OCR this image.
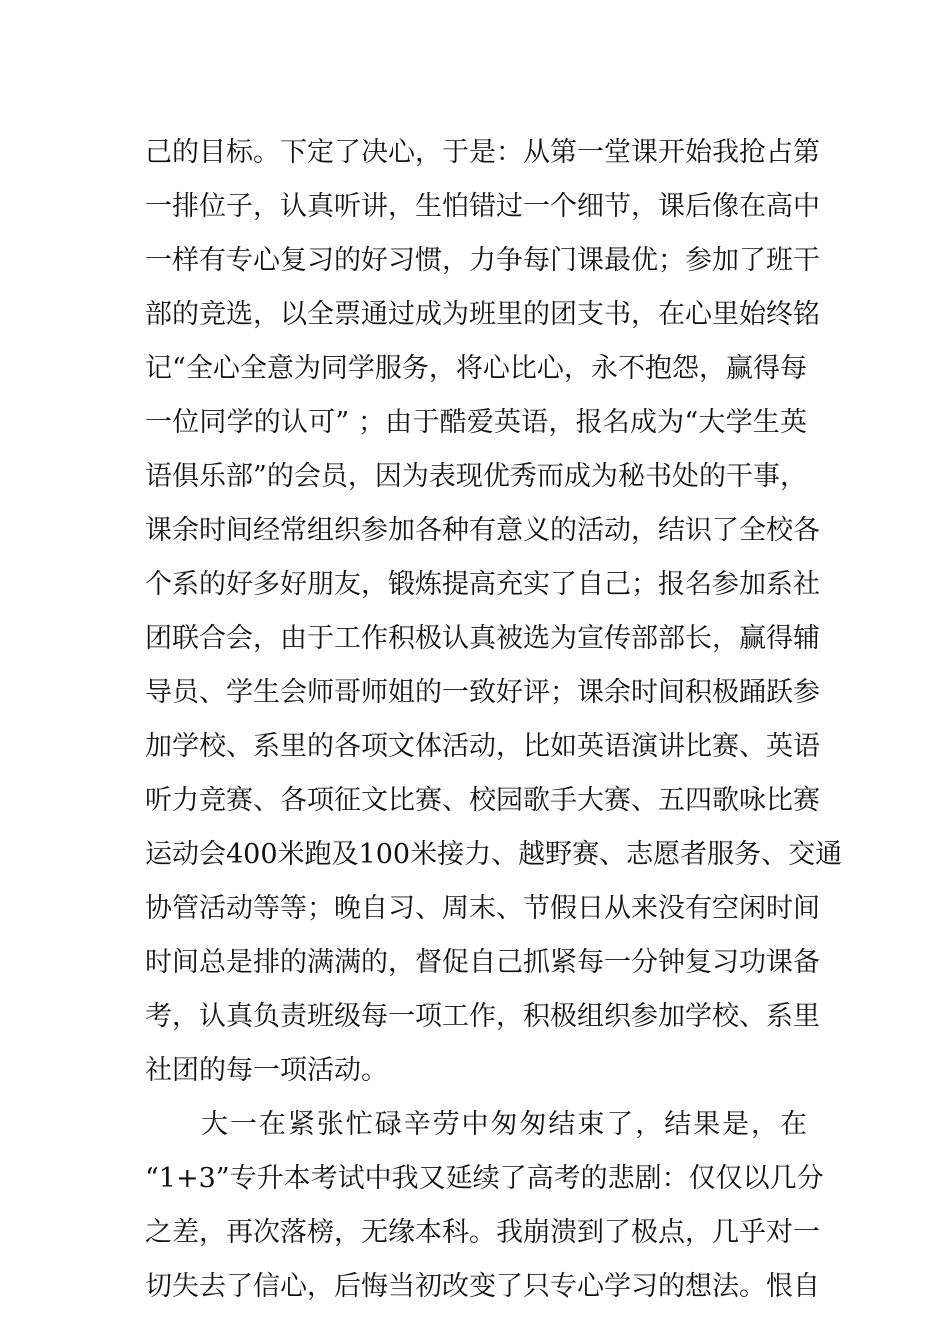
己的目标。下定了决心，于是：从第一堂课开始我抢占第
一排位子，认真听讲，生怕错过一个细节，课后像在高中
一样有专心复习的好习惯，力争每门课最优；参加了班干
部的竞选，以全票通过成为班里的团支书，在心里始终铭
记“全心全意为同学服务，将心比心，永不抱怨，赢得每
一位同学的认可” ；由于酷爱英语，报名成为“大学生英
语俱乐部”的会员，因为表现优秀而成为秘书处的干事，
课余时间经常组织参加各种有意义的活动，结识了全校各
个系的好多好朋友，锻炼提高充实了自己；报名参加系社
团联合会，由于工作积极认真被选为宣传部部长，赢得辅
导员、学生会师哥师姐的一致好评；课余时间积极踊跃参
加学校、系里的各项文体活动，比如英语演讲比赛、英语
听力竞赛、各项征文比赛、校园歌手大赛、五四歌咏比赛
运动会400米跑及100米接力、越野赛、志愿者服务、交通
协管活动等等；晚自习、周末、节假日从来没有空闲时间
时间总是排的满满的，督促自己抓紧每一分钟复习功课备
考，认真负责班级每一项工作，积极组织参加学校、系里
社团的每一项活动。
大一在紧张忙碌辛劳中匆匆结束了，结果是，在
“1+3”专升本考试中我又延续了高考的悲剧：仅仅以几分
之差，再次落榜，无缘本科。我崩溃到了极点，几乎对一
切失去了信心，后悔当初改变了只专心学习的想法。恨自
